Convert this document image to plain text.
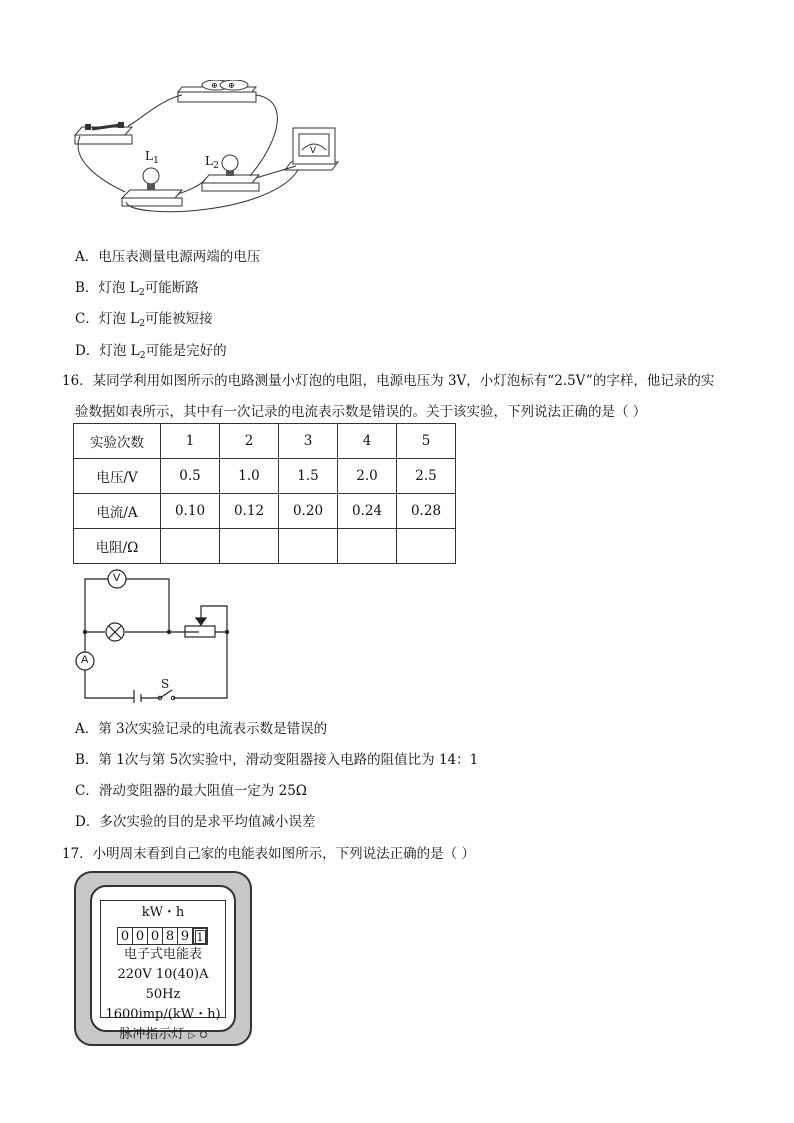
⊕ ⊕
V
$L_1$	$L_2$
A．电压表测量电源两端的电压
B．灯泡 $L_2$可能断路
C．灯泡 $L_2$可能被短接
D．灯泡 $L_2$可能是完好的
16．某同学利用如图所示的电路测量小灯泡的电阻，电源电压为 3V，小灯泡标有“2.5V”的字样，他记录的实
验数据如表所示，其中有一次记录的电流表示数是错误的。关于该实验，下列说法正确的是（ ）
实验次数	1	2	3	4	5
电压/V	0.5	1.0	1.5	2.0	2.5
电流/A	0.10	0.12	0.20	0.24	0.28
电阻/Ω					
V
A
S
A．第 3次实验记录的电流表示数是错误的
B．第 1次与第 5次实验中，滑动变阻器接入电路的阻值比为 14：1
C．滑动变阻器的最大阻值一定为 25Ω
D．多次实验的目的是求平均值减小误差
17．小明周末看到自己家的电能表如图所示，下列说法正确的是（ ）
kW・h
0 0 0 8 9 1
电子式电能表
220V 10(40)A 50Hz
1600imp/(kW・h)
脉冲指示灯 ▷
